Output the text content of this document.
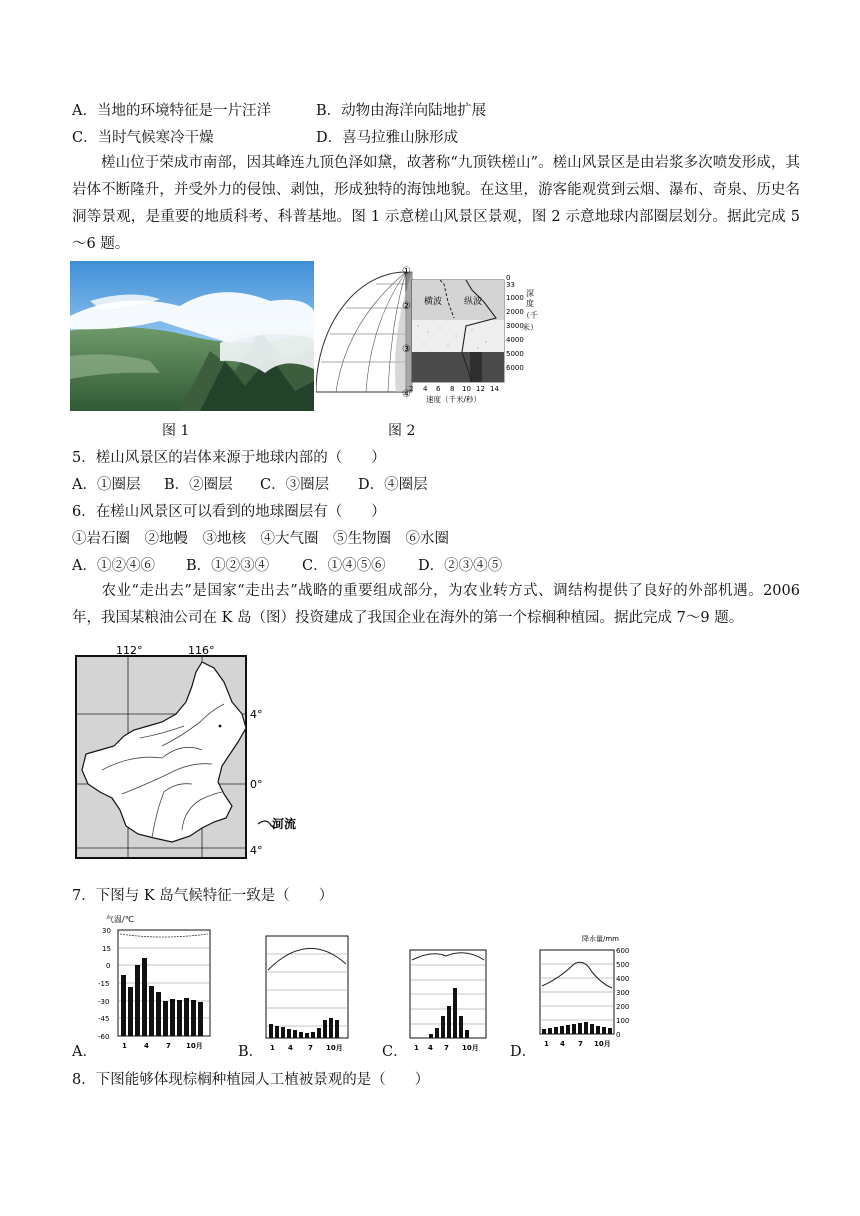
A．当地的环境特征是一片汪洋	B．动物由海洋向陆地扩展
C．当时气候寒冷干燥	D．喜马拉雅山脉形成
槎山位于荣成市南部，因其峰连九顶色泽如黛，故著称“九顶铁槎山”。槎山风景区是由岩浆多次喷发形成，其岩体不断隆升，并受外力的侵蚀、剥蚀，形成独特的海蚀地貌。在这里，游客能观赏到云烟、瀑布、奇泉、历史名洞等景观，是重要的地质科考、科普基地。图 1 示意槎山风景区景观，图 2 示意地球内部圈层划分。据此完成 5～6 题。
图 1
①
②
③
④
横波 纵波
0
33
1000
2000
3000
4000
5000
6000
深
度
（千
米）
2 4 6 8 10 12 14
速度（千米/秒）
图 2
5．槎山风景区的岩体来源于地球内部的（　　）
A．①圈层 B．②圈层 C．③圈层 D．④圈层
6．在槎山风景区可以看到的地球圈层有（　　）
①岩石圈　②地幔　③地核　④大气圈　⑤生物圈　⑥水圈
A．①②④⑥ B．①②③④ C．①④⑤⑥ D．②③④⑤
农业“走出去”是国家“走出去”战略的重要组成部分，为农业转方式、调结构提供了良好的外部机遇。2006 年，我国某粮油公司在 K 岛（图）投资建成了我国企业在海外的第一个棕榈种植园。据此完成 7～9 题。
112°	116°
4°
0°
4°
河流
7．下图与 K 岛气候特征一致是（　　）
A．
气温/℃
30
15
0
-15
-30
-45
-60
1 4 7 10月 B． 1 4 7 10月	C． 1 4 7 10月 D．
降水量/mm
600
500
400
300
200
100
0
1 4 7 10月
8．下图能够体现棕榈种植园人工植被景观的是（　　）
